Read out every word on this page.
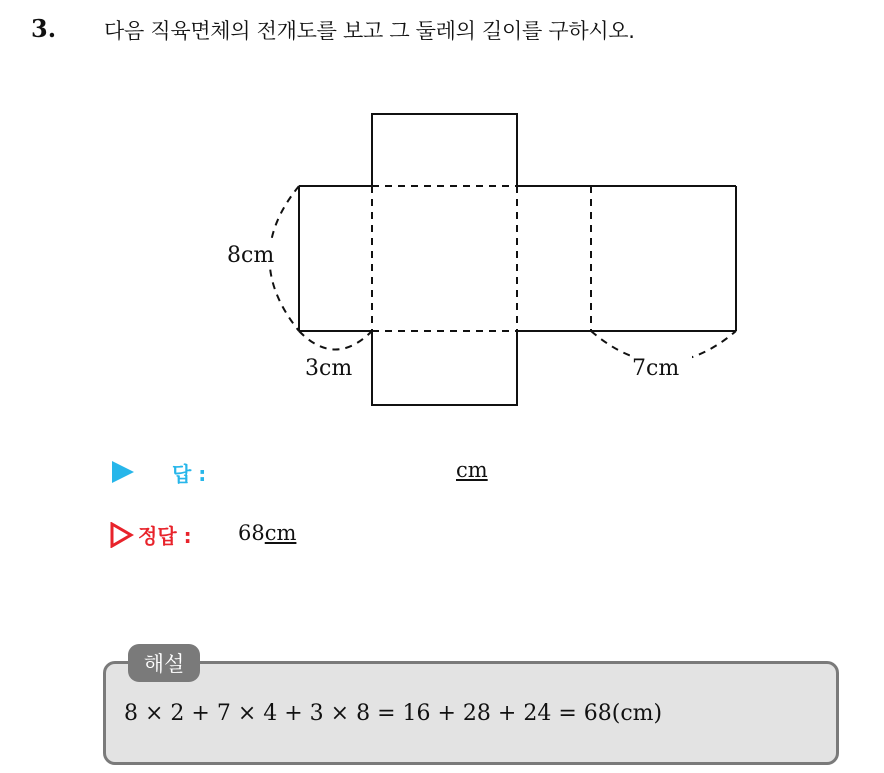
3. 다음 직육면체의 전개도를 보고 그 둘레의 길이를 구하시오.
8cm
3cm	7cm
답 :	cm
정답 : 68cm
해설
8 × 2 + 7 × 4 + 3 × 8 = 16 + 28 + 24 = 68(cm)
